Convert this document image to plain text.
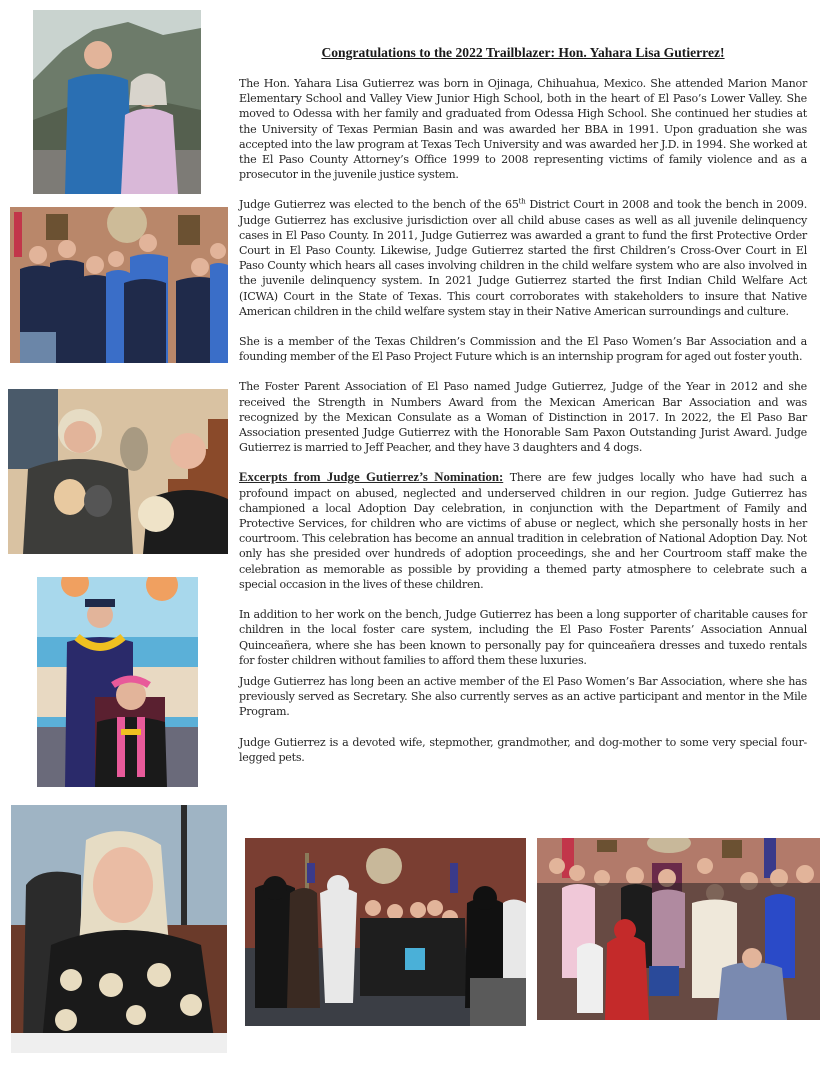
Congratulations to the 2022 Trailblazer: Hon. Yahara Lisa Gutierrez!

The Hon. Yahara Lisa Gutierrez was born in Ojinaga, Chihuahua, Mexico. She attended Marion Manor Elementary School and Valley View Junior High School, both in the heart of El Paso’s Lower Valley. She moved to Odessa with her family and graduated from Odessa High School. She continued her studies at the University of Texas Permian Basin and was awarded her BBA in 1991. Upon graduation she was accepted into the law program at Texas Tech University and was awarded her J.D. in 1994. She worked at the El Paso County Attorney’s Office 1999 to 2008 representing victims of family violence and as a prosecutor in the juvenile justice system.

Judge Gutierrez was elected to the bench of the 65th District Court in 2008 and took the bench in 2009. Judge Gutierrez has exclusive jurisdiction over all child abuse cases as well as all juvenile delinquency cases in El Paso County. In 2011, Judge Gutierrez was awarded a grant to fund the first Protective Order Court in El Paso County. Likewise, Judge Gutierrez started the first Children’s Cross-Over Court in El Paso County which hears all cases involving children in the child welfare system who are also involved in the juvenile delinquency system. In 2021 Judge Gutierrez started the first Indian Child Welfare Act (ICWA) Court in the State of Texas. This court corroborates with stakeholders to insure that Native American children in the child welfare system stay in their Native American surroundings and culture.

She is a member of the Texas Children’s Commission and the El Paso Women’s Bar Association and a founding member of the El Paso Project Future which is an internship program for aged out foster youth.

The Foster Parent Association of El Paso named Judge Gutierrez, Judge of the Year in 2012 and she received the Strength in Numbers Award from the Mexican American Bar Association and was recognized by the Mexican Consulate as a Woman of Distinction in 2017. In 2022, the El Paso Bar Association presented Judge Gutierrez with the Honorable Sam Paxon Outstanding Jurist Award. Judge Gutierrez is married to Jeff Peacher, and they have 3 daughters and 4 dogs.

Excerpts from Judge Gutierrez’s Nomination: There are few judges locally who have had such a profound impact on abused, neglected and underserved children in our region. Judge Gutierrez has championed a local Adoption Day celebration, in conjunction with the Department of Family and Protective Services, for children who are victims of abuse or neglect, which she personally hosts in her courtroom. This celebration has become an annual tradition in celebration of National Adoption Day. Not only has she presided over hundreds of adoption proceedings, she and her Courtroom staff make the celebration as memorable as possible by providing a themed party atmosphere to celebrate such a special occasion in the lives of these children.

In addition to her work on the bench, Judge Gutierrez has been a long supporter of charitable causes for children in the local foster care system, including the El Paso Foster Parents’ Association Annual Quinceañera, where she has been known to personally pay for quinceañera dresses and tuxedo rentals for foster children without families to afford them these luxuries.

Judge Gutierrez has long been an active member of the El Paso Women’s Bar Association, where she has previously served as Secretary. She also currently serves as an active participant and mentor in the Mile Program.

Judge Gutierrez is a devoted wife, stepmother, grandmother, and dog-mother to some very special four-legged pets.
